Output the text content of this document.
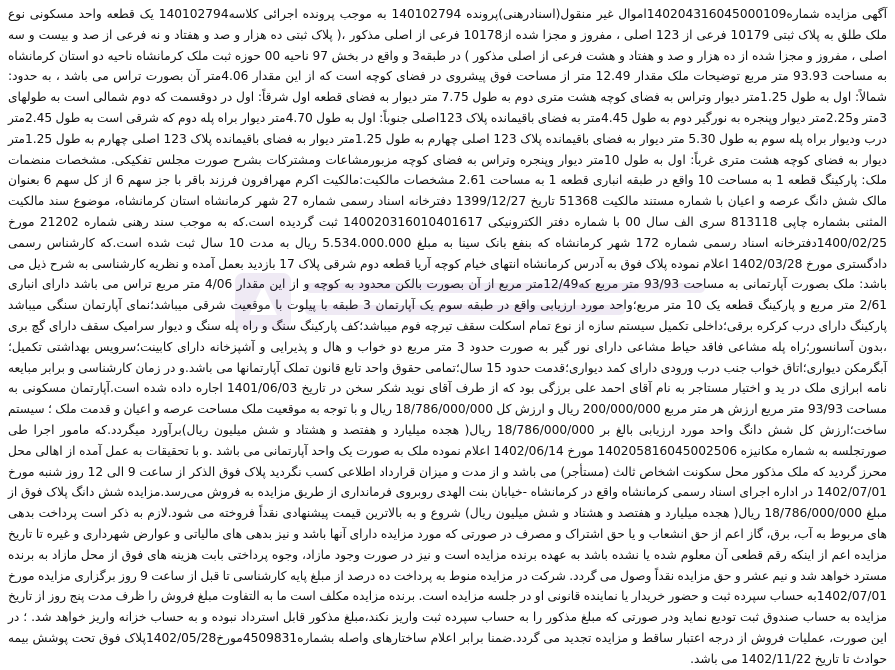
آگهی مزایده شماره140204316045000109اموال غیر منقول(اسنادرهنی)پرونده 140102794 به موجب پرونده اجرائی کلاسه140102794 یک قطعه واحد مسکونی نوع ملک طلق به پلاک ثبتی 10179 فرعی از 123 اصلی ، مفروز و مجزا شده از10178 فرعی از اصلی مذکور ،( پلاک ثبتی ده هزار و صد و هفتاد و نه فرعی از صد و بیست و سه اصلی ، مفروز و مجزا شده از ده هزار و صد و هفتاد و هشت فرعی از اصلی مذکور ) در طبقه3 و واقع در بخش 97 ناحیه 00 حوزه ثبت ملک کرمانشاه ناحیه دو استان کرمانشاه به مساحت 93.93 متر مربع توضیحات ملک مقدار 12.49 متر از مساحت فوق پیشروی در فضای کوچه است که از این مقدار 4.06متر آن بصورت تراس می باشد ، به حدود: شمالاً: اول به طول 1.25متر دیوار وتراس به فضای کوچه هشت متری دوم به طول 7.75 متر دیوار به فضای قطعه اول شرقاً: اول در دوقسمت که دوم شمالی است به طولهای 3متر و2.25متر دیوار وپنجره به نورگیر دوم به طول 4.45متر به فضای باقیمانده پلاک 123اصلی جنوباً: اول به طول 4.70متر دیوار براه پله دوم که شرقی است به طول 2.45متر درب ودیوار براه پله سوم به طول 5.30 متر دیوار به فضای باقیمانده پلاک 123 اصلی چهارم به طول 1.25متر دیوار به فضای باقیمانده پلاک 123 اصلی چهارم به طول 1.25متر دیوار به فضای کوچه هشت متری غرباً: اول به طول 10متر دیوار وپنجره وتراس به فضای کوچه مزبورمشاعات ومشترکات بشرح صورت مجلس تفکیکی. مشخصات منضمات ملک: پارکینگ قطعه 1 به مساحت 10 واقع در طبقه انباری قطعه 1 به مساحت 2.61 مشخصات مالکیت:مالکیت اکرم مهرافرون فرزند باقر با جز سهم 6 از کل سهم 6 بعنوان مالک شش دانگ عرصه و اعیان با شماره مستند مالکیت 51368 تاریخ 1399/12/27 دفترخانه اسناد رسمی شماره 27 شهر کرمانشاه استان کرمانشاه، موضوع سند مالکیت المثنی بشماره چاپی 813118 سری الف سال 00 با شماره دفتر الکترونیکی 140020316010401617 ثبت گردیده است.که به موجب سند رهنی شماره 21202 مورخ 1400/02/25دفترخانه اسناد رسمی شماره 172 شهر کرمانشاه که بنفع بانک سینا به مبلغ 5.534.000.000 ریال به مدت 10 سال ثبت شده است.که کارشناس رسمی دادگستری مورخ 1402/03/28 اعلام نموده پلاک فوق به آدرس کرمانشاه انتهای خیام کوچه آریا قطعه دوم شرقی پلاک 17 بازدید بعمل آمده و نظریه کارشناسی به شرح ذیل می باشد: ملک بصورت آپارتمانی به مساحت 93/93 متر مربع که12/49متر مربع از آن بصورت بالکن محدود به کوچه و از این مقدار 4/06 متر مربع تراس می باشد دارای انباری 2/61 متر مربع و پارکینگ قطعه یک 10 متر مربع؛واحد مورد ارزیابی واقع در طبقه سوم یک آپارتمان 3 طبقه با پیلوت با موقعیت شرقی میباشد؛نمای آپارتمان سنگی میباشد پارکینگ دارای درب کرکره برقی؛داخلی تکمیل سیستم سازه از نوع تمام اسکلت سقف تیرچه فوم میباشد؛کف پارکینگ سنگ و راه پله سنگ و دیوار سرامیک سقف دارای گچ بری ،بدون آسانسور؛راه پله مشاعی فاقد حیاط مشاعی دارای نور گیر به صورت حدود 3 متر مربع دو خواب و هال و پذیرایی و آشپزخانه دارای کابینت؛سرویس بهداشتی تکمیل؛آبگرمکن دیواری؛اتاق خواب جنب درب ورودی دارای کمد دیواری؛قدمت حدود 15 سال؛تمامی حقوق واحد تابع قانون تملک آپارتمانها می باشد.و در زمان کارشناسی و برابر مبایعه نامه ابرازی ملک در ید و اختیار مستاجر به نام آقای احمد علی برزگی بود که از طرف آقای نوید شکر سخن در تاریخ 1401/06/03 اجاره داده شده است.آپارتمان مسکونی به مساحت 93/93 متر مربع ارزش هر متر مربع 200/000/000 ریال و ارزش کل 18/786/000/000 ریال و با توجه به موقعیت ملک مساحت عرصه و اعیان و قدمت ملک ؛ سیستم ساخت؛ارزش کل شش دانگ واحد مورد ارزیابی بالغ بر 18/786/000/000 ریال( هجده میلیارد و هفتصد و هشتاد و شش میلیون ریال)برآورد میگردد.که مامور اجرا طی صورتجلسه به شماره مکانیزه 140205816045002506 مورخ 1402/06/14 اعلام نموده ملک به صورت یک واحد آپارتمانی می باشد .و با تحقیقات به عمل آمده از اهالی محل محرز گردید که ملک مذکور محل سکونت اشخاص ثالث (مستأجر) می باشد و از مدت و میزان قرارداد اطلاعی کسب نگردید پلاک فوق الذکر از ساعت 9 الی 12 روز شنبه مورخ 1402/07/01 در اداره اجرای اسناد رسمی کرمانشاه واقع در کرمانشاه -خیابان بنت الهدی روبروی فرمانداری از طریق مزایده به فروش می‌رسد.مزایده شش دانگ پلاک فوق از مبلغ 18/786/000/000 ریال( هجده میلیارد و هفتصد و هشتاد و شش میلیون ریال) شروع و به بالاترین قیمت پیشنهادی نقداً فروخته می شود.لازم به ذکر است پرداخت بدهی های مربوط به آب، برق، گاز اعم از حق انشعاب و یا حق اشتراک و مصرف در صورتی که مورد مزایده دارای آنها باشد و نیز بدهی های مالیاتی و عوارض شهرداری و غیره تا تاریخ مزایده اعم از اینکه رقم قطعی آن معلوم شده یا نشده باشد به عهده برنده مزایده است و نیز در صورت وجود مازاد، وجوه پرداختی بابت هزینه های فوق از محل مازاد به برنده مسترد خواهد شد و نیم عشر و حق مزایده نقداً وصول می گردد. شرکت در مزایده منوط به پرداخت ده درصد از مبلغ پایه کارشناسی تا قبل از ساعت 9 روز برگزاری مزایده مورخ 1402/07/01به حساب سپرده ثبت و حضور خریدار یا نماینده قانونی او در جلسه مزایده است. برنده مزایده مکلف است ما به التفاوت مبلغ فروش را ظرف مدت پنج روز از تاریخ مزایده به حساب صندوق ثبت تودیع نماید ودر صورتی که مبلغ مذکور را به حساب سپرده ثبت واریز نکند،مبلغ مذکور قابل استرداد نبوده و به حساب خزانه واریز خواهد شد. ؛ در این صورت، عملیات فروش از درجه اعتبار ساقط و مزایده تجدید می گردد.ضمنا برابر اعلام ساختارهای واصله بشماره4509831مورخ1402/05/28پلاک فوق تحت پوشش بیمه حوادث تا تاریخ 1402/11/22 می باشد.
